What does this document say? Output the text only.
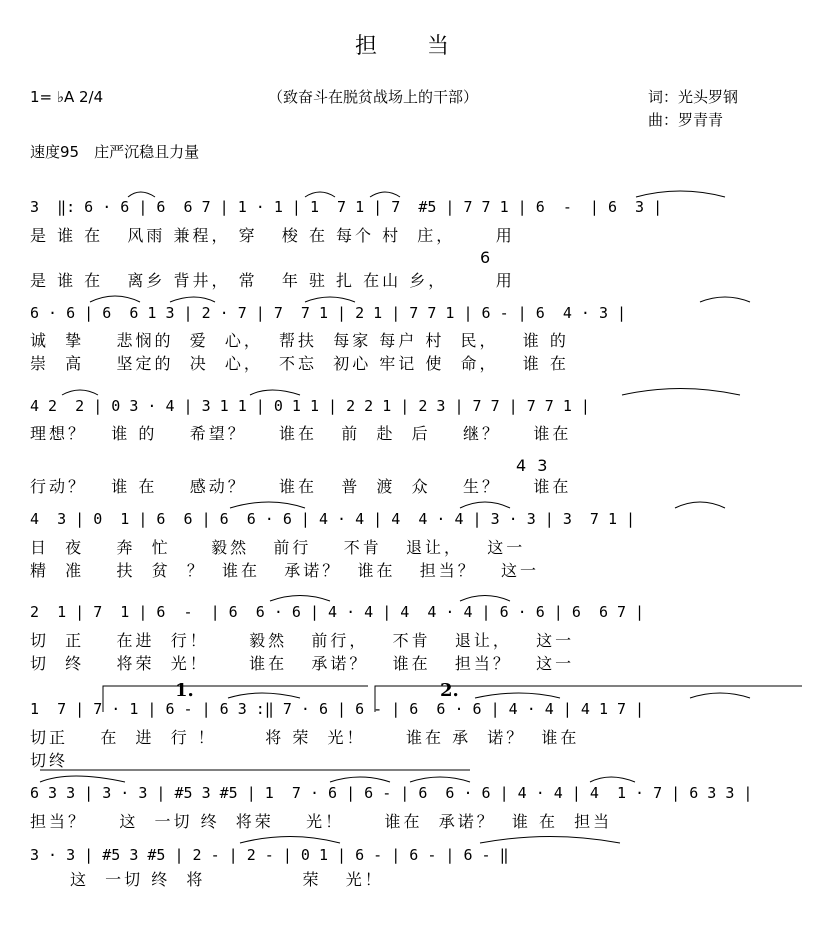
担　　当
1= ♭A 2/4	（致奋斗在脱贫战场上的干部）	词：光头罗钢
曲：罗青青
速度95　庄严沉稳且力量
3  ‖: 6 · 6 | 6  6 7 | 1 · 1 | 1  7 1 | 7  #5 | 7 7 1 | 6  -  | 6  3 |
是 谁 在   风雨 兼程， 穿   梭 在 每个 村  庄，     用
6
是 谁 在   离乡 背井， 常   年 驻 扎 在山 乡，      用
6 · 6 | 6  6 1 3 | 2 · 7 | 7  7 1 | 2 1 | 7 7 1 | 6 - | 6  4 · 3 |
诚  挚    悲悯的  爱  心，  帮扶  每家 每户 村  民，   谁 的
崇  高    坚定的  决  心，  不忘  初心 牢记 使  命，   谁 在
4 2  2 | 0 3 · 4 | 3 1 1 | 0 1 1 | 2 2 1 | 2 3 | 7 7 | 7 7 1 |
理想？   谁 的    希望？    谁在   前  赴  后    继？    谁在
4 3
行动？   谁 在    感动？    谁在   普  渡  众    生？    谁在
4  3 | 0  1 | 6  6 | 6  6 · 6 | 4 · 4 | 4  4 · 4 | 3 · 3 | 3  7 1 |
日  夜    奔  忙     毅然   前行    不肯   退让，   这一
精  准    扶  贫  ？  谁在   承诺？  谁在   担当？   这一
2  1 | 7  1 | 6  -  | 6  6 · 6 | 4 · 4 | 4  4 · 4 | 6 · 6 | 6  6 7 |
切  正    在进  行！     毅然   前行，   不肯   退让，   这一
切  终    将荣  光！     谁在   承诺？   谁在   担当？   这一
1.	2.
1  7 | 7 · 1 | 6 - | 6 3 :‖ 7 · 6 | 6 - | 6  6 · 6 | 4 · 4 | 4 1 7 |
切正    在  进  行 ！      将 荣  光！     谁在 承  诺？  谁在
切终
6 3 3 | 3 · 3 | #5 3 #5 | 1  7 · 6 | 6 - | 6  6 · 6 | 4 · 4 | 4  1 · 7 | 6 3 3 |
担当？    这  一切 终  将荣    光！     谁在  承诺？  谁 在  担当
3 · 3 | #5 3 #5 | 2 - | 2 - | 0 1 | 6 - | 6 - | 6 - ‖
这  一切 终  将            荣   光！
